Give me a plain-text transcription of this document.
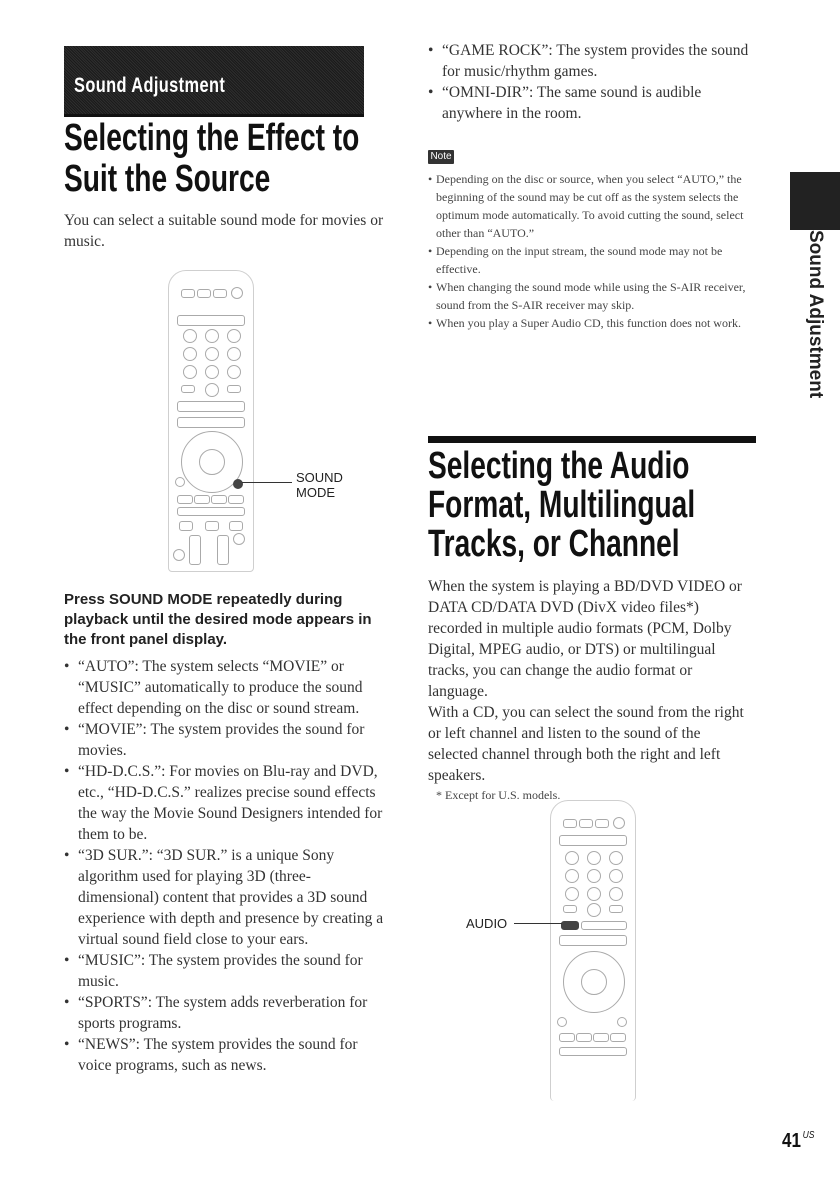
Sound Adjustment
Selecting the Effect to
Suit the Source
You can select a suitable sound mode for movies or music.
SOUND
MODE
Press SOUND MODE repeatedly during playback until the desired mode appears in the front panel display.
• “AUTO”: The system selects “MOVIE” or “MUSIC” automatically to produce the sound effect depending on the disc or sound stream.
• “MOVIE”: The system provides the sound for movies.
• “HD-D.C.S.”: For movies on Blu-ray and DVD, etc., “HD-D.C.S.” realizes precise sound effects the way the Movie Sound Designers intended for them to be.
• “3D SUR.”: “3D SUR.” is a unique Sony algorithm used for playing 3D (three-dimensional) content that provides a 3D sound experience with depth and presence by creating a virtual sound field close to your ears.
• “MUSIC”: The system provides the sound for music.
• “SPORTS”: The system adds reverberation for sports programs.
• “NEWS”: The system provides the sound for voice programs, such as news.
• “GAME ROCK”: The system provides the sound for music/rhythm games.
• “OMNI-DIR”: The same sound is audible anywhere in the room.
Note
• Depending on the disc or source, when you select “AUTO,” the beginning of the sound may be cut off as the system selects the optimum mode automatically. To avoid cutting the sound, select other than “AUTO.”
• Depending on the input stream, the sound mode may not be effective.
• When changing the sound mode while using the S-AIR receiver, sound from the S-AIR receiver may skip.
• When you play a Super Audio CD, this function does not work.
Selecting the Audio
Format, Multilingual
Tracks, or Channel
When the system is playing a BD/DVD VIDEO or DATA CD/DATA DVD (DivX video files*) recorded in multiple audio formats (PCM, Dolby Digital, MPEG audio, or DTS) or multilingual tracks, you can change the audio format or language.
With a CD, you can select the sound from the right or left channel and listen to the sound of the selected channel through both the right and left speakers.
* Except for U.S. models.
AUDIO
Sound Adjustment
41 $^{US}$
